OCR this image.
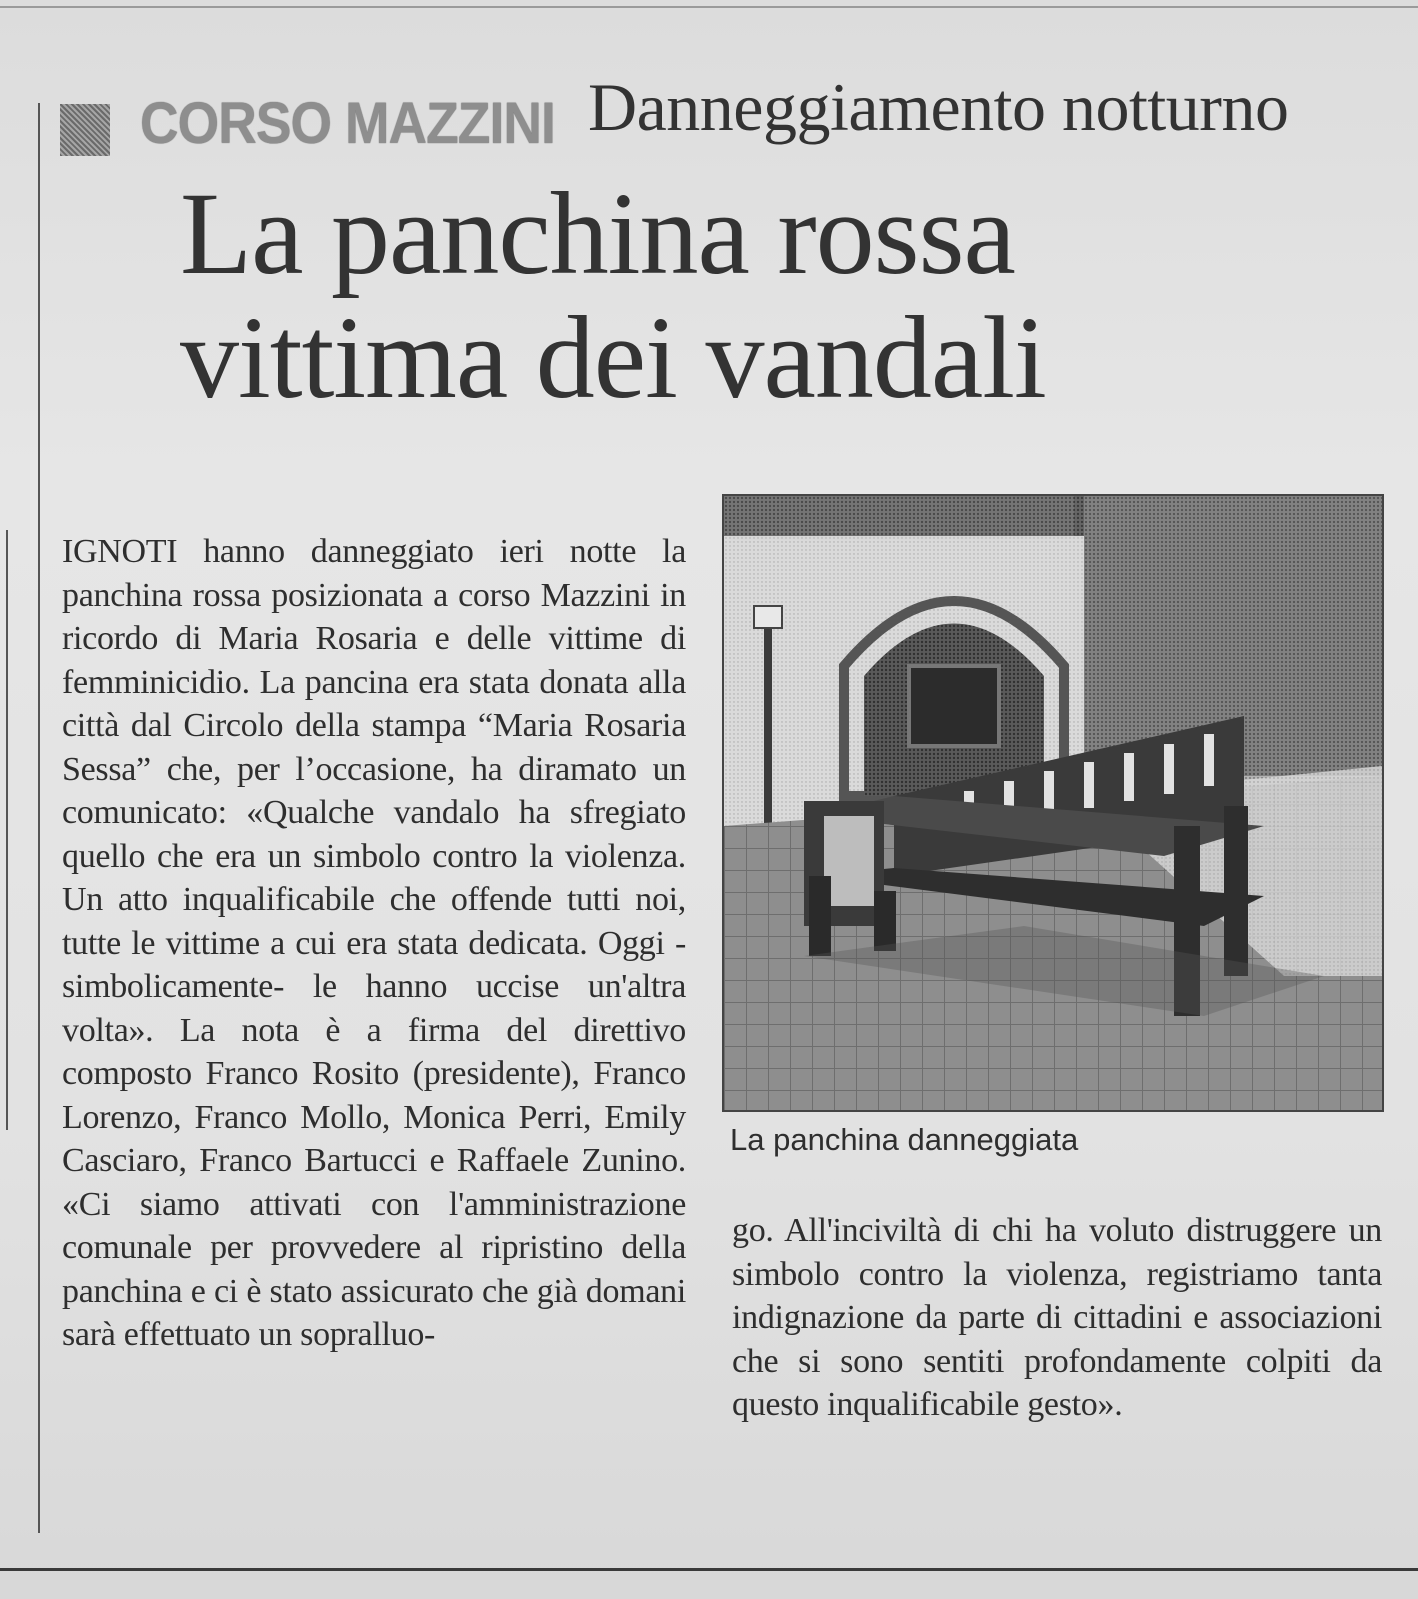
CORSO MAZZINI Danneggiamento notturno
La panchina rossa
vittima dei vandali

IGNOTI hanno danneggiato ieri notte la panchina rossa posizionata a corso Mazzini in ricordo di Maria Rosaria e delle vittime di femminicidio. La pancina era stata donata alla città dal Circolo della stampa “Maria Rosaria Sessa” che, per l’occasione, ha diramato un comunicato: «Qualche vandalo ha sfregiato quello che era un simbolo contro la violenza. Un atto inqualificabile che offende tutti noi, tutte le vittime a cui era stata dedicata. Oggi - simbolicamente- le hanno uccise un'altra volta». La nota è a firma del direttivo composto Franco Rosito (presidente), Franco Lorenzo, Franco Mollo, Monica Perri, Emily Casciaro, Franco Bartucci e Raffaele Zunino. «Ci siamo attivati con l'amministrazione comunale per provvedere al ripristino della panchina e ci è stato assicurato che già domani sarà effettuato un sopralluo-

La panchina danneggiata

go. All'inciviltà di chi ha voluto distruggere un simbolo contro la violenza, registriamo tanta indignazione da parte di cittadini e associazioni che si sono sentiti profondamente colpiti da questo inqualificabile gesto».
